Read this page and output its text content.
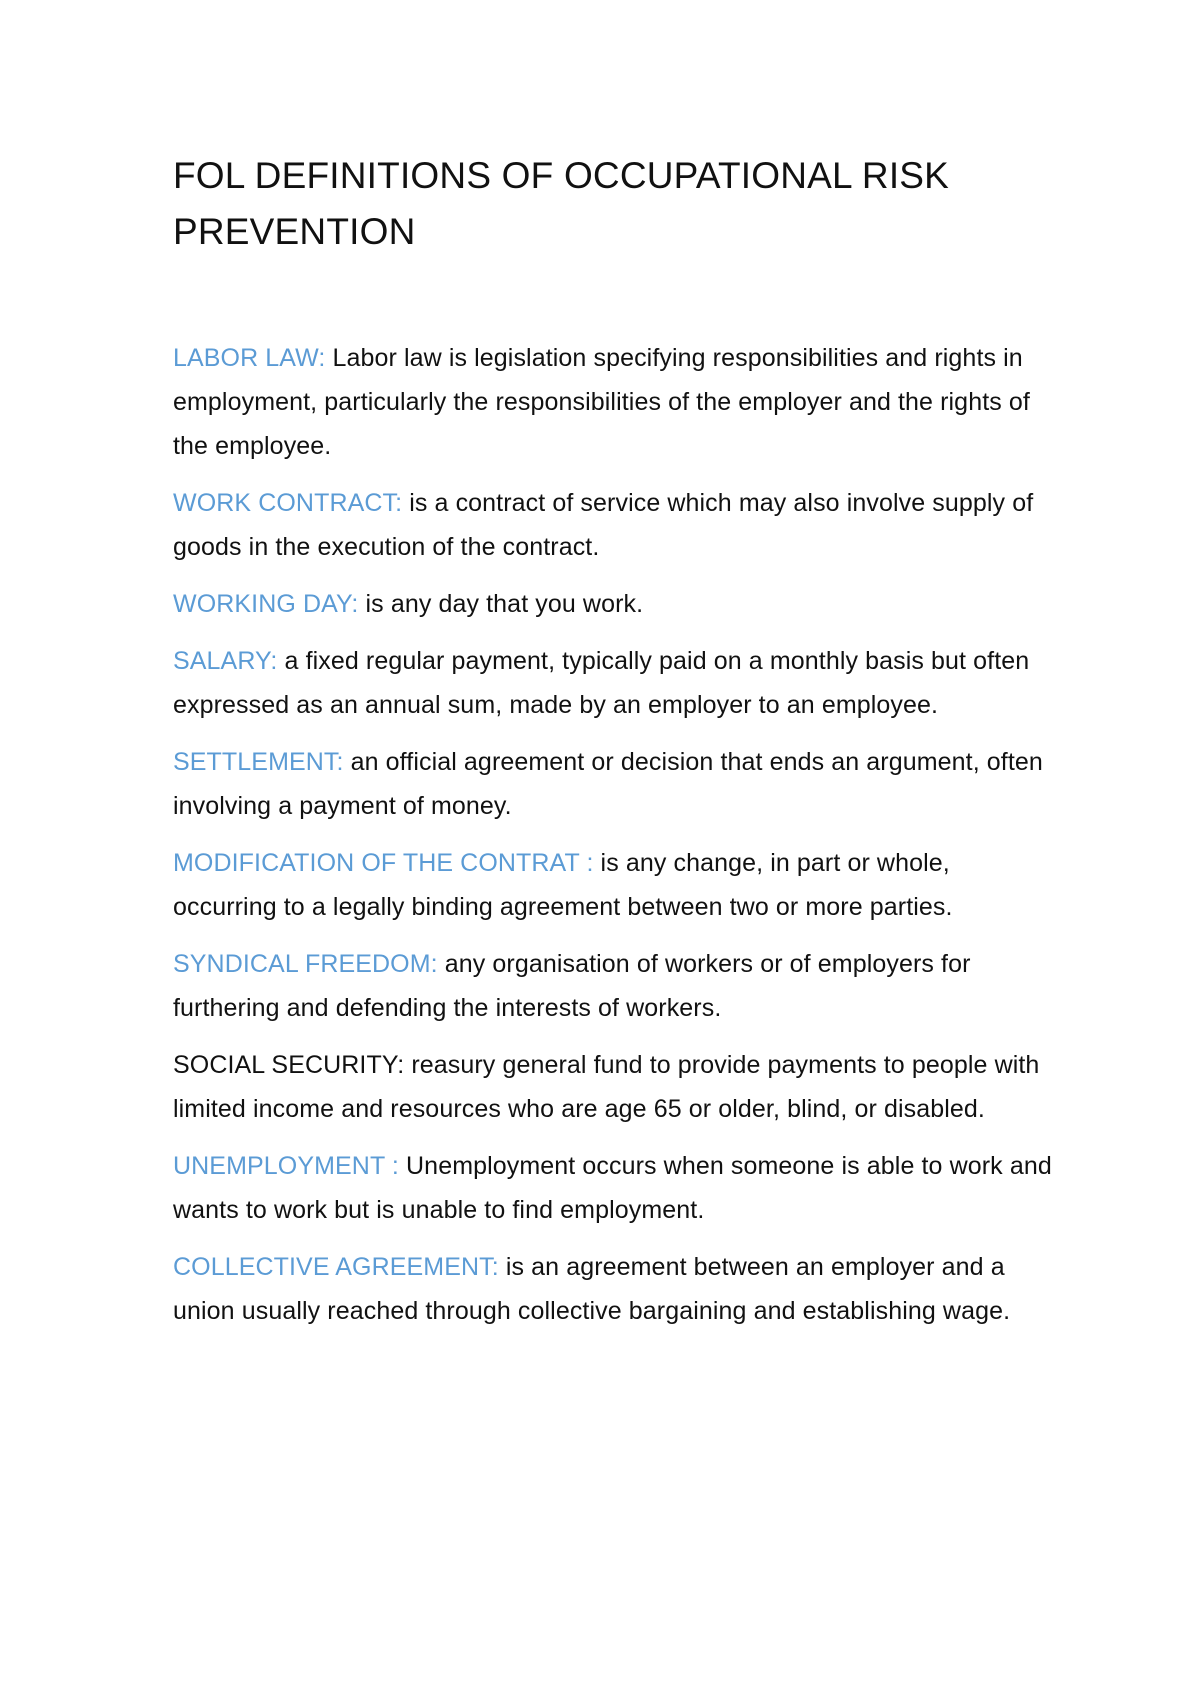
FOL DEFINITIONS OF OCCUPATIONAL RISK PREVENTION

LABOR LAW: Labor law is legislation specifying responsibilities and rights in employment, particularly the responsibilities of the employer and the rights of the employee.

WORK CONTRACT: is a contract of service which may also involve supply of goods in the execution of the contract.

WORKING DAY: is any day that you work.

SALARY: a fixed regular payment, typically paid on a monthly basis but often expressed as an annual sum, made by an employer to an employee.

SETTLEMENT: an official agreement or decision that ends an argument, often involving a payment of money.

MODIFICATION OF THE CONTRAT : is any change, in part or whole, occurring to a legally binding agreement between two or more parties.

SYNDICAL FREEDOM: any organisation of workers or of employers for furthering and defending the interests of workers.

SOCIAL SECURITY: reasury general fund to provide payments to people with limited income and resources who are age 65 or older, blind, or disabled.

UNEMPLOYMENT : Unemployment occurs when someone is able to work and wants to work but is unable to find employment.

COLLECTIVE AGREEMENT: is an agreement between an employer and a union usually reached through collective bargaining and establishing wage.
